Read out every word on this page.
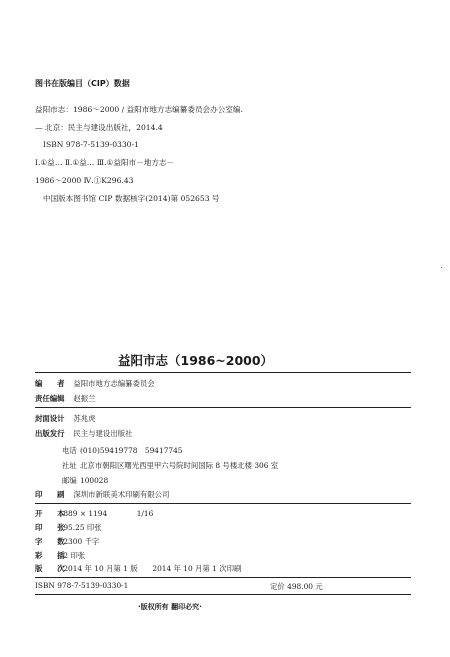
图书在版编目（CIP）数据
益阳市志：1986～2000 / 益阳市地方志编纂委员会办公室编.
— 北京：民主与建设出版社，2014.4
ISBN 978-7-5139-0330-1
Ⅰ.①益… Ⅱ.①益… Ⅲ.①益阳市－地方志－
1986～2000 Ⅳ.①K296.43
中国版本图书馆 CIP 数据核字(2014)第 052653 号
益阳市志（1986~2000）
编　　者 益阳市地方志编纂委员会
责任编辑 赵振兰
封面设计 苏兆虎
出版发行 民主与建设出版社
电话 (010)59419778　59417745
社址 北京市朝阳区曙光西里甲六号院时间国际 8 号楼北楼 306 室
邮编 100028
印　　刷 深圳市新联美术印刷有限公司
开　　本 889 × 1194　　　　1/16
印　　张 95.25 印张
字　　数 2300 千字
彩　　插 2 印张
版　　次 2014 年 10 月第 1 版　　2014 年 10 月第 1 次印刷
ISBN 978-7-5139-0330-1	定价 498.00 元
·版权所有 翻印必究·
